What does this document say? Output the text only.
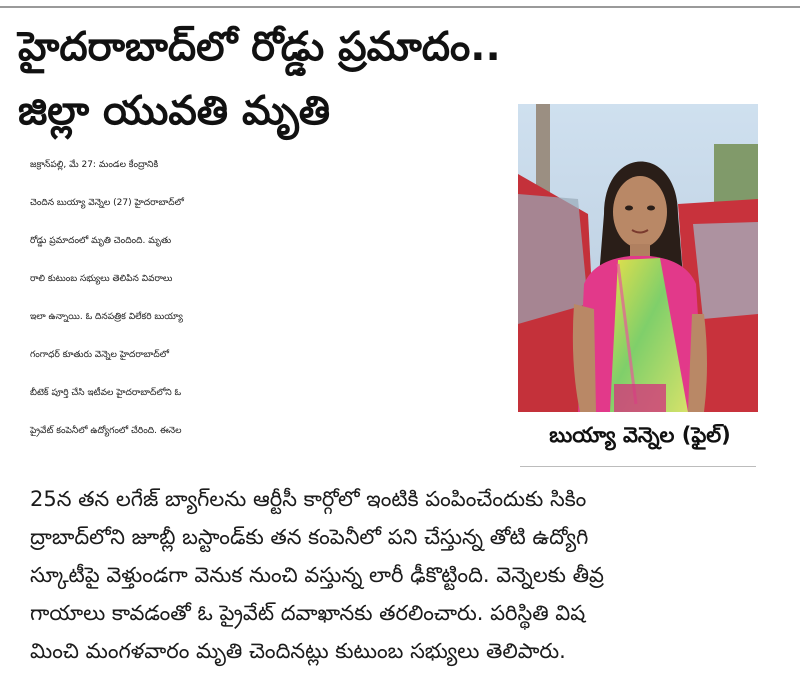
హైదరాబాద్‌లో రోడ్డు ప్రమాదం..
జిల్లా యువతి మృతి
బుయ్యా వెన్నెల (ఫైల్)

జక్రాన్‌పల్లి, మే 27: మండల కేంద్రానికి

చెందిన బుయ్యా వెన్నెల (27) హైదరాబాద్‌లో

రోడ్డు ప్రమాదంలో మృతి చెందింది. మృతు

రాలి కుటుంబ సభ్యులు తెలిపిన వివరాలు

ఇలా ఉన్నాయి. ఓ దినపత్రిక విలేకరి బుయ్యా

గంగాధర్ కూతురు వెన్నెల హైదరాబాద్‌లో

బీటెక్ పూర్తి చేసి ఇటీవల హైదరాబాద్‌లోని ఓ

ప్రైవేట్ కంపెనీలో ఉద్యోగంలో చేరింది. ఈనెల

25న తన లగేజ్ బ్యాగ్‌లను ఆర్టీసీ కార్గోలో ఇంటికి పంపించేందుకు సికిం

ద్రాబాద్‌లోని జూబ్లీ బస్టాండ్‌కు తన కంపెనీలో పని చేస్తున్న తోటి ఉద్యోగి

స్కూటీపై వెళ్తుండగా వెనుక నుంచి వస్తున్న లారీ ఢీకొట్టింది. వెన్నెలకు తీవ్ర

గాయాలు కావడంతో ఓ ప్రైవేట్ దవాఖానకు తరలించారు. పరిస్థితి విష

మించి మంగళవారం మృతి చెందినట్లు కుటుంబ సభ్యులు తెలిపారు.
